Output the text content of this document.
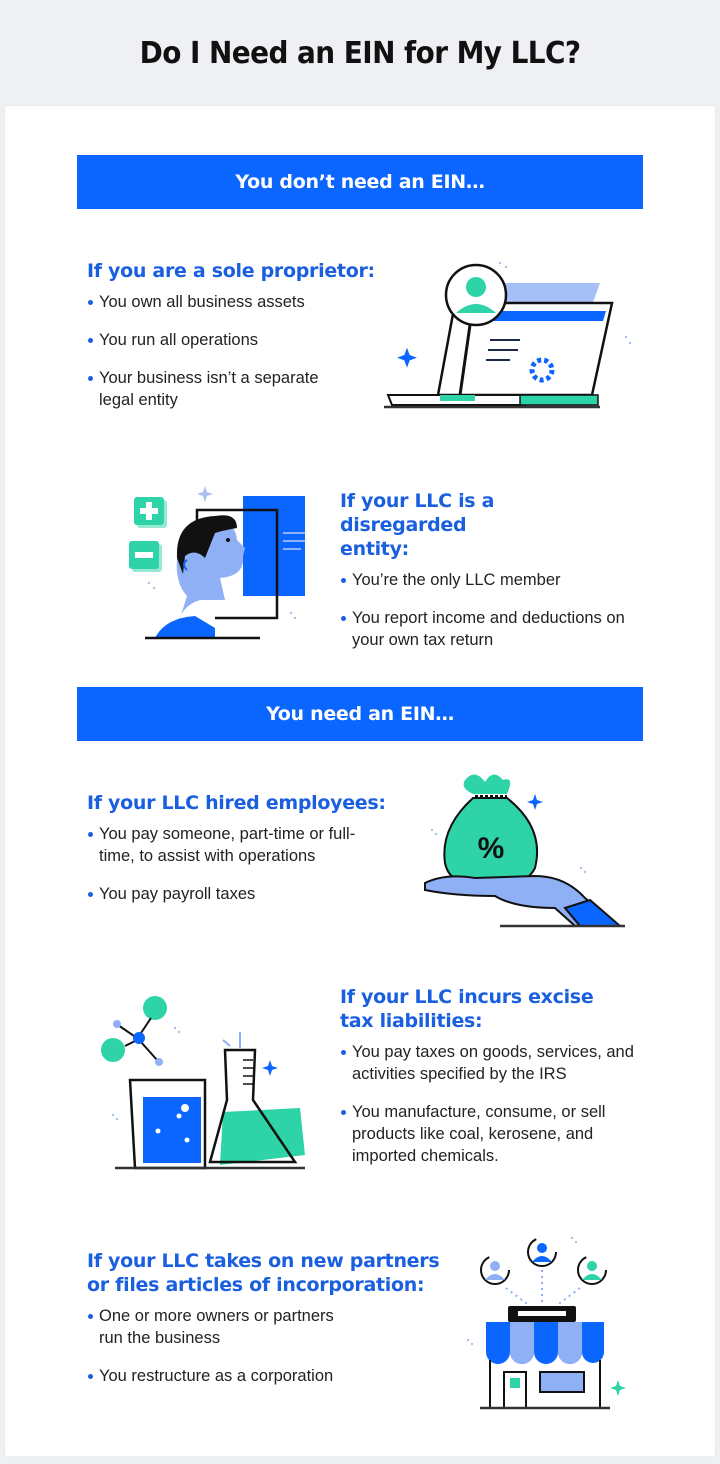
Do I Need an EIN for My LLC?
You don’t need an EIN…
If you are a sole proprietor:
You own all business assets
You run all operations
Your business isn’t a separate legal entity
If your LLC is a disregarded entity:
You’re the only LLC member
You report income and deductions on your own tax return
You need an EIN…
If your LLC hired employees:
You pay someone, part-time or full-time, to assist with operations
You pay payroll taxes
%
If your LLC incurs excise tax liabilities:
You pay taxes on goods, services, and activities specified by the IRS
You manufacture, consume, or sell products like coal, kerosene, and imported chemicals.
If your LLC takes on new partners or files articles of incorporation:
One or more owners or partners run the business
You restructure as a corporation
